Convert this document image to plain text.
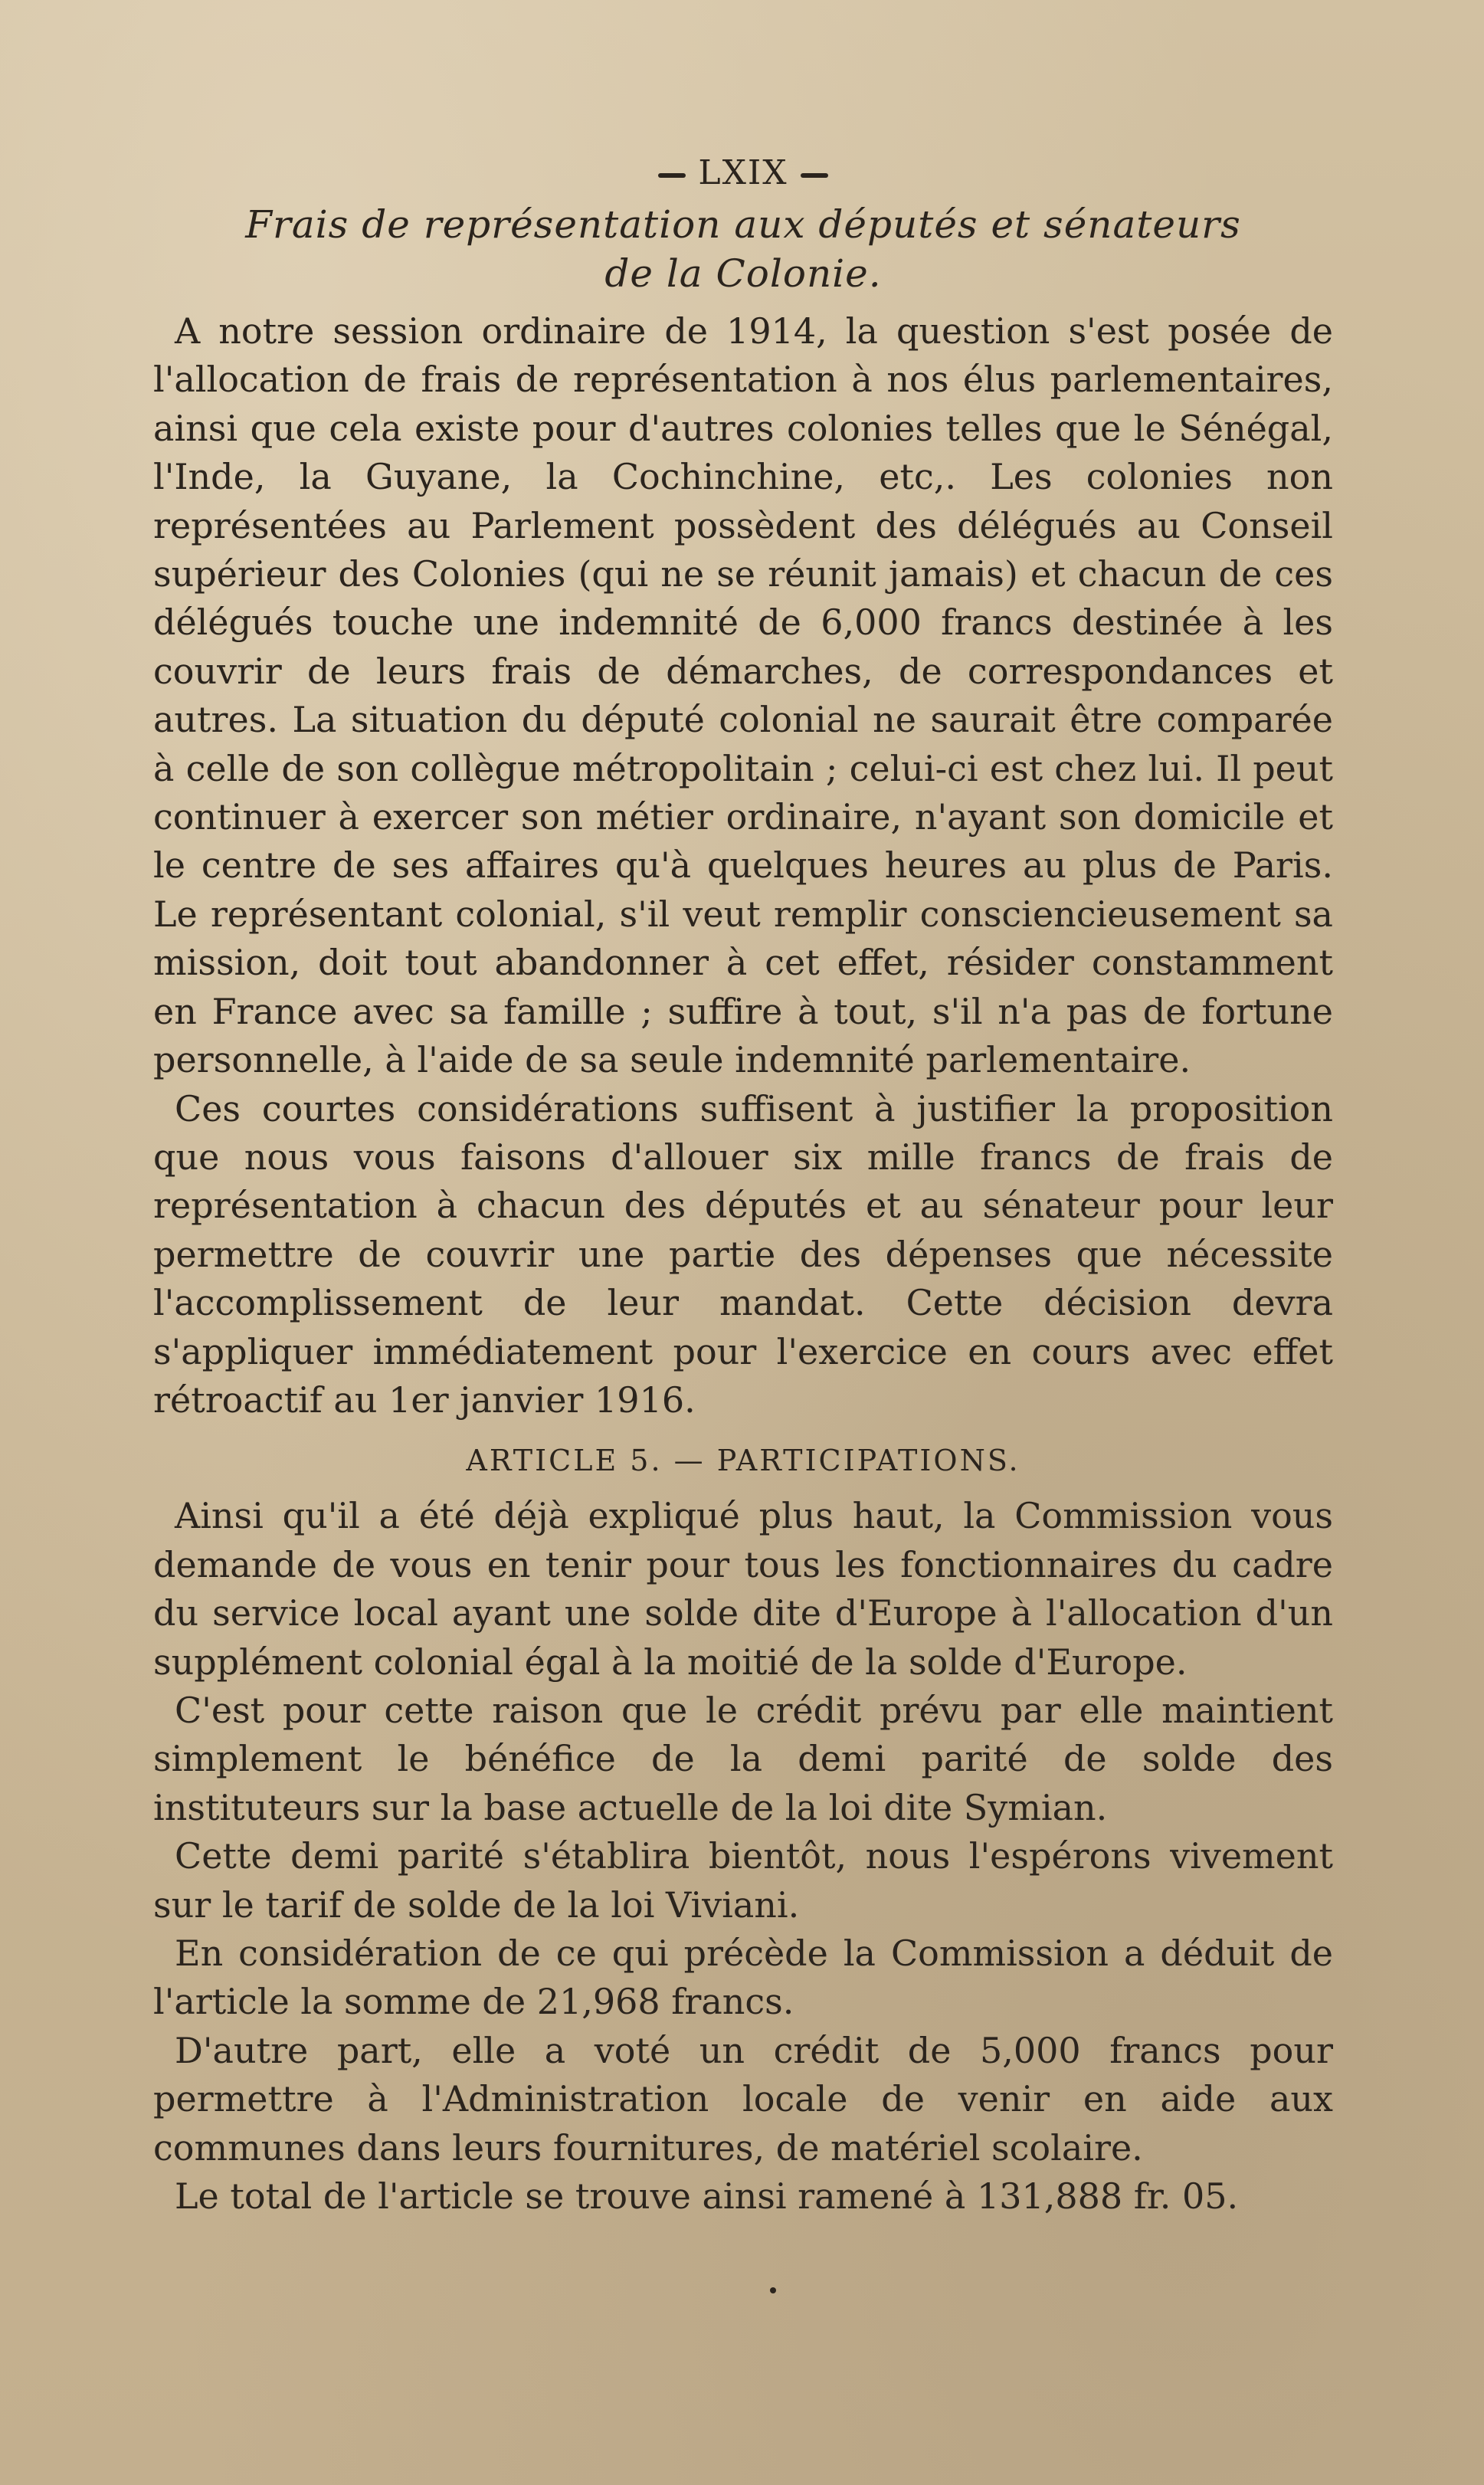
LXIX
Frais de représentation aux députés et sénateurs
de la Colonie.

A notre session ordinaire de 1914, la question s'est posée de l'allocation de frais de représentation à nos élus parlementaires, ainsi que cela existe pour d'autres colonies telles que le Sénégal, l'Inde, la Guyane, la Cochinchine, etc,. Les colonies non représentées au Parlement possèdent des délégués au Conseil supérieur des Colonies (qui ne se réunit jamais) et chacun de ces délégués touche une indemnité de 6,000 francs destinée à les couvrir de leurs frais de démarches, de correspondances et autres. La situation du député colonial ne saurait être comparée à celle de son collègue métropolitain ; celui-ci est chez lui. Il peut continuer à exercer son métier ordinaire, n'ayant son domicile et le centre de ses affaires qu'à quelques heures au plus de Paris. Le représentant colonial, s'il veut remplir consciencieusement sa mission, doit tout abandonner à cet effet, résider constamment en France avec sa famille ; suffire à tout, s'il n'a pas de fortune personnelle, à l'aide de sa seule indemnité parlementaire.

Ces courtes considérations suffisent à justifier la proposition que nous vous faisons d'allouer six mille francs de frais de représentation à chacun des députés et au sénateur pour leur permettre de couvrir une partie des dépenses que nécessite l'accomplissement de leur mandat. Cette décision devra s'appliquer immédiatement pour l'exercice en cours avec effet rétroactif au 1er janvier 1916.

ARTICLE 5. — PARTICIPATIONS.

Ainsi qu'il a été déjà expliqué plus haut, la Commission vous demande de vous en tenir pour tous les fonctionnaires du cadre du service local ayant une solde dite d'Europe à l'allocation d'un supplément colonial égal à la moitié de la solde d'Europe.

C'est pour cette raison que le crédit prévu par elle maintient simplement le bénéfice de la demi parité de solde des instituteurs sur la base actuelle de la loi dite Symian.

Cette demi parité s'établira bientôt, nous l'espérons vivement sur le tarif de solde de la loi Viviani.

En considération de ce qui précède la Commission a déduit de l'article la somme de 21,968 francs.

D'autre part, elle a voté un crédit de 5,000 francs pour permettre à l'Administration locale de venir en aide aux communes dans leurs fournitures, de matériel scolaire.

Le total de l'article se trouve ainsi ramené à 131,888 fr. 05.
